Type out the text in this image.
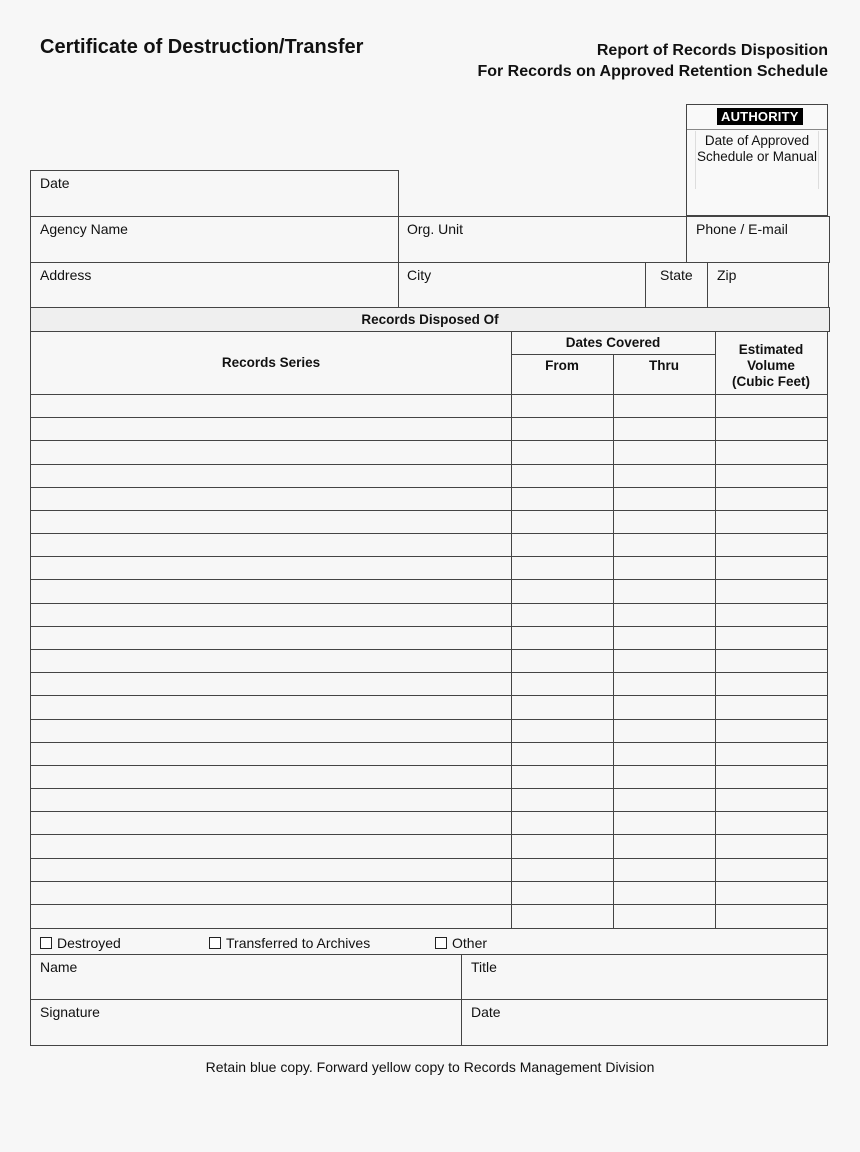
Certificate of Destruction/Transfer	Report of Records Disposition
For Records on Approved Retention Schedule
AUTHORITY
Date of Approved
Schedule or Manual
Date
Agency Name	Org. Unit	Phone / E-mail
Address	City	State Zip
Records Disposed Of
Records Series
Dates Covered
From	Thru
Estimated
Volume
(Cubic Feet)
Destroyed	Transferred to Archives	Other
Name	Title
Signature	Date
Retain blue copy. Forward yellow copy to Records Management Division
